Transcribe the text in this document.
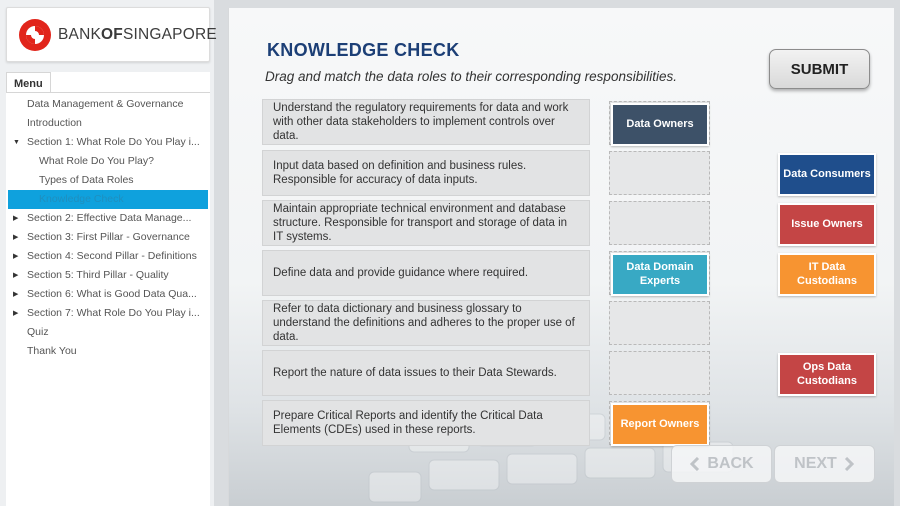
BANKOFSINGAPORE
Menu
Data Management & Governance
Introduction
▼ Section 1: What Role Do You Play i...
What Role Do You Play?
Types of Data Roles
Knowledge Check
▶ Section 2: Effective Data Manage...
▶ Section 3: First Pillar - Governance
▶ Section 4: Second Pillar - Definitions
▶ Section 5: Third Pillar - Quality
▶ Section 6: What is Good Data Qua...
▶ Section 7: What Role Do You Play i...
Quiz
Thank You
KNOWLEDGE CHECK
Drag and match the data roles to their corresponding responsibilities.	SUBMIT
Understand the regulatory requirements for data and work with other data stakeholders to implement controls over data.
Input data based on definition and business rules. Responsible for accuracy of data inputs.
Maintain appropriate technical environment and database structure. Responsible for transport and storage of data in IT systems.
Define data and provide guidance where required.
Refer to data dictionary and business glossary to understand the definitions and adheres to the proper use of data.
Report the nature of data issues to their Data Stewards.
Prepare Critical Reports and identify the Critical Data Elements (CDEs) used in these reports.
Data Owners
Data Domain Experts
Report Owners
Data Consumers
Issue Owners
IT Data Custodians
Ops Data Custodians
BACK	NEXT
